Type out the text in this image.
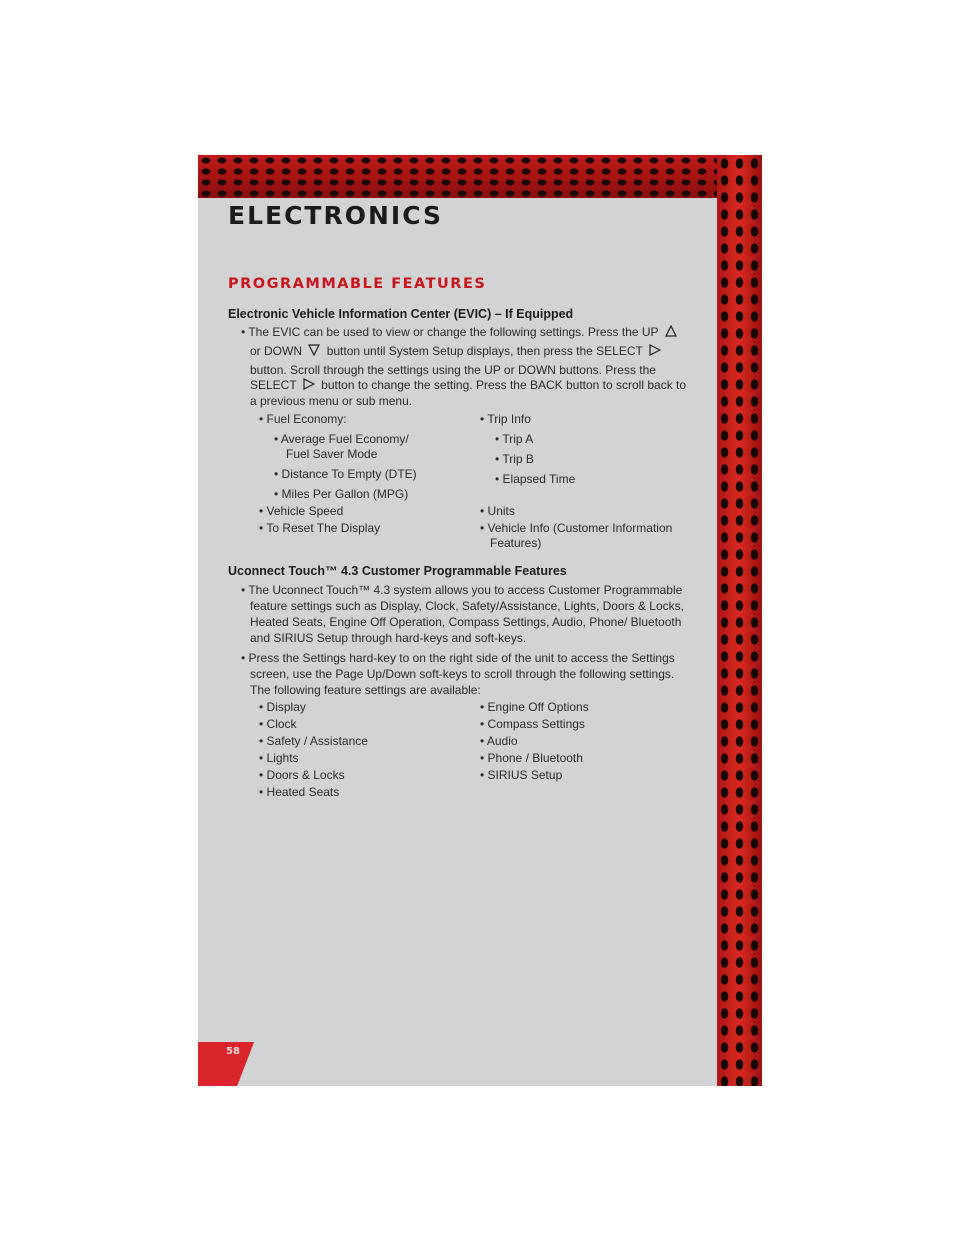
ELECTRONICS
PROGRAMMABLE FEATURES
Electronic Vehicle Information Center (EVIC) – If Equipped
• The EVIC can be used to view or change the following settings. Press the UP
or DOWN button until System Setup displays, then press the SELECT
button. Scroll through the settings using the UP or DOWN buttons. Press the
SELECT button to change the setting. Press the BACK button to scroll back to
a previous menu or sub menu.
• Fuel Economy:
• Average Fuel Economy/
Fuel Saver Mode
• Distance To Empty (DTE)
• Miles Per Gallon (MPG)
• Vehicle Speed
• To Reset The Display
• Trip Info
• Trip A
• Trip B
• Elapsed Time
• Units
• Vehicle Info (Customer Information
Features)
Uconnect Touch™ 4.3 Customer Programmable Features
• The Uconnect Touch™ 4.3 system allows you to access Customer Programmable
feature settings such as Display, Clock, Safety/Assistance, Lights, Doors & Locks,
Heated Seats, Engine Off Operation, Compass Settings, Audio, Phone/ Bluetooth
and SIRIUS Setup through hard-keys and soft-keys.
• Press the Settings hard-key to on the right side of the unit to access the Settings
screen, use the Page Up/Down soft-keys to scroll through the following settings.
The following feature settings are available:
• Display
• Clock
• Safety / Assistance
• Lights
• Doors & Locks
• Heated Seats
• Engine Off Options
• Compass Settings
• Audio
• Phone / Bluetooth
• SIRIUS Setup
58
